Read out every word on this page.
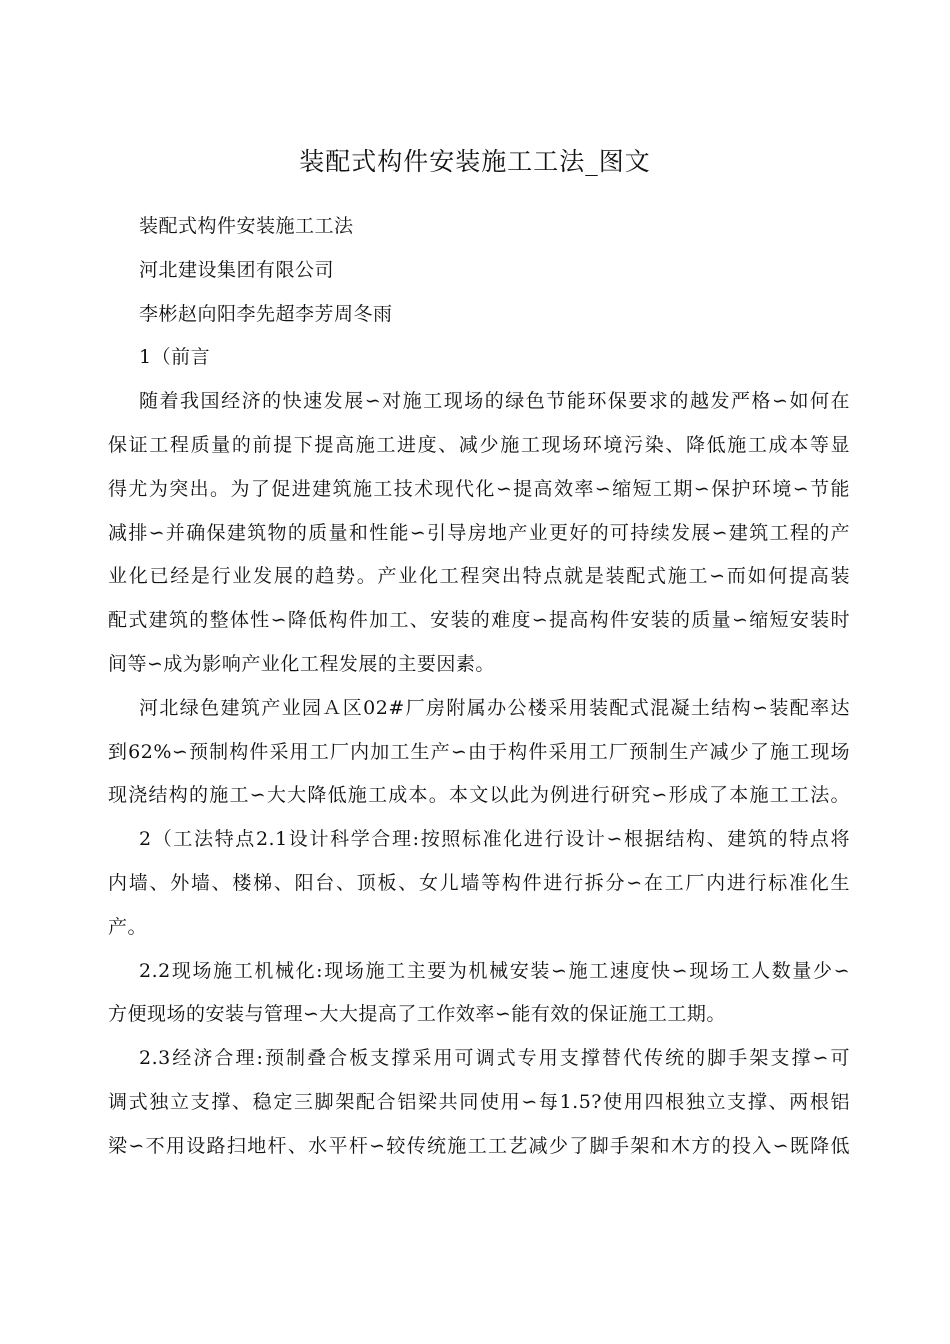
装配式构件安装施工工法_图文
装配式构件安装施工工法
河北建设集团有限公司
李彬赵向阳李先超李芳周冬雨
1（前言
随着我国经济的快速发展∽对施工现场的绿色节能环保要求的越发严格∽如何在
保证工程质量的前提下提高施工进度、减少施工现场环境污染、降低施工成本等显
得尤为突出。为了促进建筑施工技术现代化∽提高效率∽缩短工期∽保护环境∽节能
减排∽并确保建筑物的质量和性能∽引导房地产业更好的可持续发展∽建筑工程的产
业化已经是行业发展的趋势。产业化工程突出特点就是装配式施工∽而如何提高装
配式建筑的整体性∽降低构件加工、安装的难度∽提高构件安装的质量∽缩短安装时
间等∽成为影响产业化工程发展的主要因素。
河北绿色建筑产业园Ａ区02#厂房附属办公楼采用装配式混凝土结构∽装配率达
到62%∽预制构件采用工厂内加工生产∽由于构件采用工厂预制生产减少了施工现场
现浇结构的施工∽大大降低施工成本。本文以此为例进行研究∽形成了本施工工法。
2（工法特点2.1设计科学合理:按照标准化进行设计∽根据结构、建筑的特点将
内墙、外墙、楼梯、阳台、顶板、女儿墙等构件进行拆分∽在工厂内进行标准化生
产。
2.2现场施工机械化:现场施工主要为机械安装∽施工速度快∽现场工人数量少∽
方便现场的安装与管理∽大大提高了工作效率∽能有效的保证施工工期。
2.3经济合理:预制叠合板支撑采用可调式专用支撑替代传统的脚手架支撑∽可
调式独立支撑、稳定三脚架配合铝梁共同使用∽每1.5?使用四根独立支撑、两根铝
梁∽不用设路扫地杆、水平杆∽较传统施工工艺减少了脚手架和木方的投入∽既降低
